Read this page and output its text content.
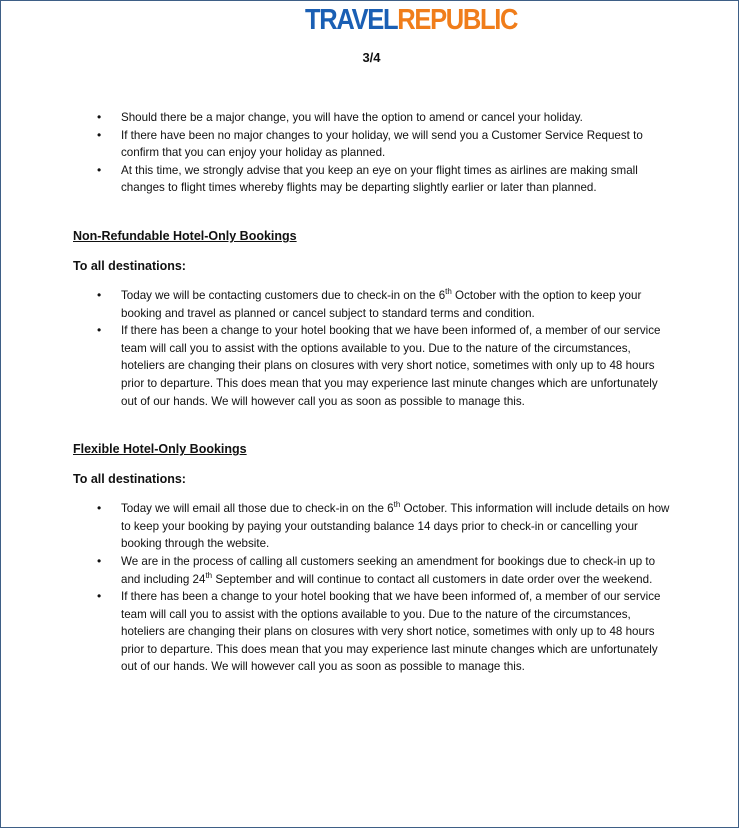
TRAVELREPUBLIC
3/4
• Should there be a major change, you will have the option to amend or cancel your holiday.
• If there have been no major changes to your holiday, we will send you a Customer Service Request to confirm that you can enjoy your holiday as planned.
• At this time, we strongly advise that you keep an eye on your flight times as airlines are making small changes to flight times whereby flights may be departing slightly earlier or later than planned.
Non-Refundable Hotel-Only Bookings
To all destinations:
• Today we will be contacting customers due to check-in on the 6th October with the option to keep your booking and travel as planned or cancel subject to standard terms and condition.
• If there has been a change to your hotel booking that we have been informed of, a member of our service team will call you to assist with the options available to you. Due to the nature of the circumstances, hoteliers are changing their plans on closures with very short notice, sometimes with only up to 48 hours prior to departure. This does mean that you may experience last minute changes which are unfortunately out of our hands. We will however call you as soon as possible to manage this.
Flexible Hotel-Only Bookings
To all destinations:
• Today we will email all those due to check-in on the 6th October. This information will include details on how to keep your booking by paying your outstanding balance 14 days prior to check-in or cancelling your booking through the website.
• We are in the process of calling all customers seeking an amendment for bookings due to check-in up to and including 24th September and will continue to contact all customers in date order over the weekend.
• If there has been a change to your hotel booking that we have been informed of, a member of our service team will call you to assist with the options available to you. Due to the nature of the circumstances, hoteliers are changing their plans on closures with very short notice, sometimes with only up to 48 hours prior to departure. This does mean that you may experience last minute changes which are unfortunately out of our hands. We will however call you as soon as possible to manage this.
